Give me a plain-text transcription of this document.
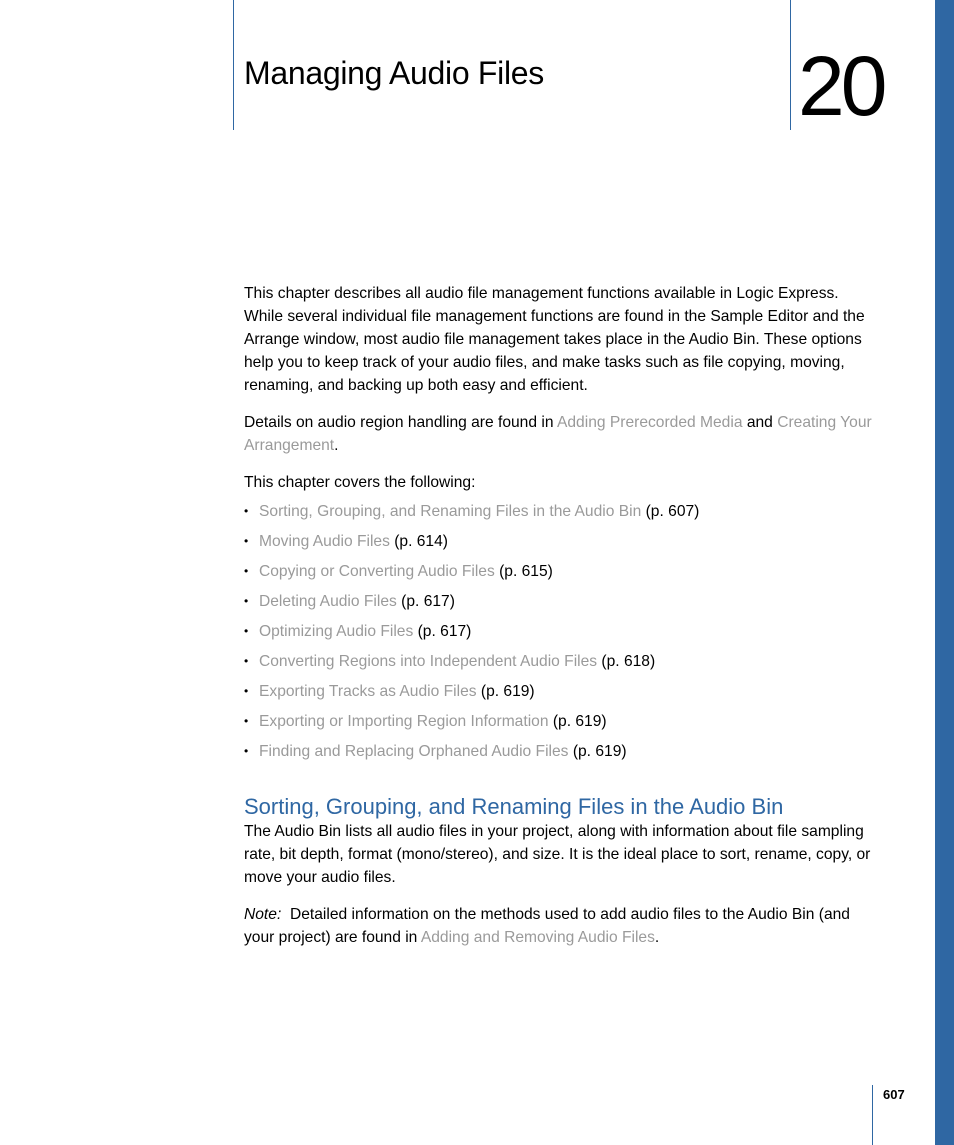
Managing Audio Files	20

This chapter describes all audio file management functions available in Logic Express. While several individual file management functions are found in the Sample Editor and the Arrange window, most audio file management takes place in the Audio Bin. These options help you to keep track of your audio files, and make tasks such as file copying, moving, renaming, and backing up both easy and efficient.

Details on audio region handling are found in Adding Prerecorded Media and Creating Your Arrangement.

This chapter covers the following:

• Sorting, Grouping, and Renaming Files in the Audio Bin (p. 607)
• Moving Audio Files (p. 614)
• Copying or Converting Audio Files (p. 615)
• Deleting Audio Files (p. 617)
• Optimizing Audio Files (p. 617)
• Converting Regions into Independent Audio Files (p. 618)
• Exporting Tracks as Audio Files (p. 619)
• Exporting or Importing Region Information (p. 619)
• Finding and Replacing Orphaned Audio Files (p. 619)
Sorting, Grouping, and Renaming Files in the Audio Bin

The Audio Bin lists all audio files in your project, along with information about file sampling rate, bit depth, format (mono/stereo), and size. It is the ideal place to sort, rename, copy, or move your audio files.

Note:  Detailed information on the methods used to add audio files to the Audio Bin (and your project) are found in Adding and Removing Audio Files.

607
